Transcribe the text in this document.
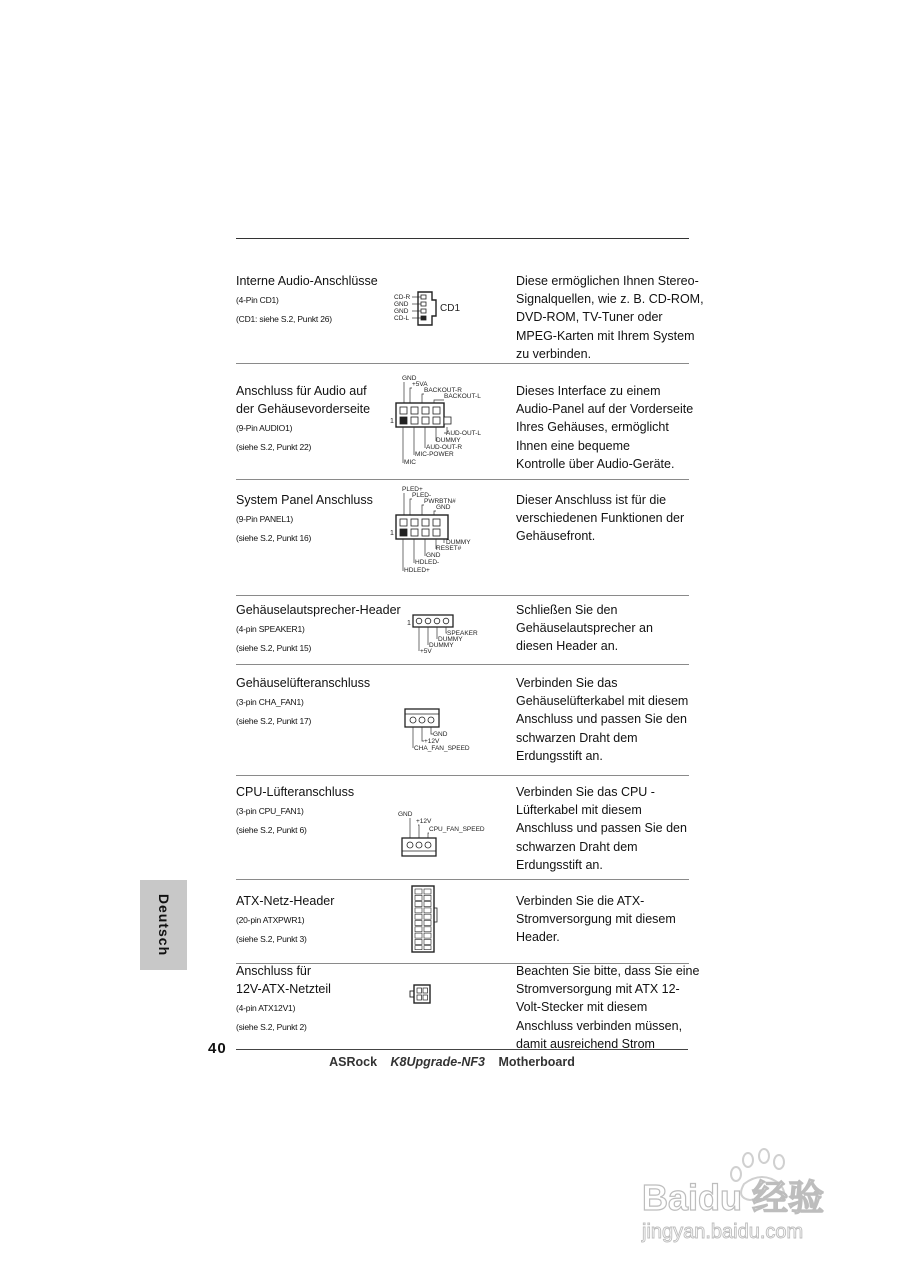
Interne Audio-Anschlüsse
(4-Pin CD1)
(CD1: siehe S.2, Punkt 26)
CD-R
GND
GND
CD-L
CD1
Diese ermöglichen Ihnen Stereo-
Signalquellen, wie z. B. CD-ROM,
DVD-ROM, TV-Tuner oder
MPEG-Karten mit Ihrem System
zu verbinden.
Anschluss für Audio auf
der Gehäusevorderseite
(9-Pin AUDIO1)
(siehe S.2, Punkt 22)
GND
+5VA
BACKOUT-R
BACKOUT-L
1
AUD-OUT-L
DUMMY
AUD-OUT-R
MIC-POWER
MIC
Dieses Interface zu einem
Audio-Panel auf der Vorderseite
Ihres Gehäuses, ermöglicht
Ihnen eine bequeme
Kontrolle über Audio-Geräte.
System Panel Anschluss
(9-Pin PANEL1)
(siehe S.2, Punkt 16)
PLED+
PLED-
PWRBTN#
GND
1
DUMMY
RESET#
GND
HDLED-
HDLED+
Dieser Anschluss ist für die
verschiedenen Funktionen der
Gehäusefront.
Gehäuselautsprecher-Header
(4-pin SPEAKER1)
(siehe S.2, Punkt 15)
1
SPEAKER
DUMMY
DUMMY
+5V
Schließen Sie den
Gehäuselautsprecher an
diesen Header an.
Gehäuselüfteranschluss
(3-pin CHA_FAN1)
(siehe S.2, Punkt 17)
GND
+12V
CHA_FAN_SPEED
Verbinden Sie das
Gehäuselüfterkabel mit diesem
Anschluss und passen Sie den
schwarzen Draht dem
Erdungsstift an.
CPU-Lüfteranschluss
(3-pin CPU_FAN1)
(siehe S.2, Punkt 6)
GND
+12V
CPU_FAN_SPEED
Verbinden Sie das CPU -
Lüfterkabel mit diesem
Anschluss und passen Sie den
schwarzen Draht dem
Erdungsstift an.
ATX-Netz-Header
(20-pin ATXPWR1)
(siehe S.2, Punkt 3)
Verbinden Sie die ATX-
Stromversorgung mit diesem
Header.
Anschluss für
12V-ATX-Netzteil
(4-pin ATX12V1)
(siehe S.2, Punkt 2)
Beachten Sie bitte, dass Sie eine
Stromversorgung mit ATX 12-
Volt-Stecker mit diesem
Anschluss verbinden müssen,
damit ausreichend Strom
Deutsch
40
ASRock K8Upgrade-NF3 Motherboard
Baidu 经验
jingyan.baidu.com
